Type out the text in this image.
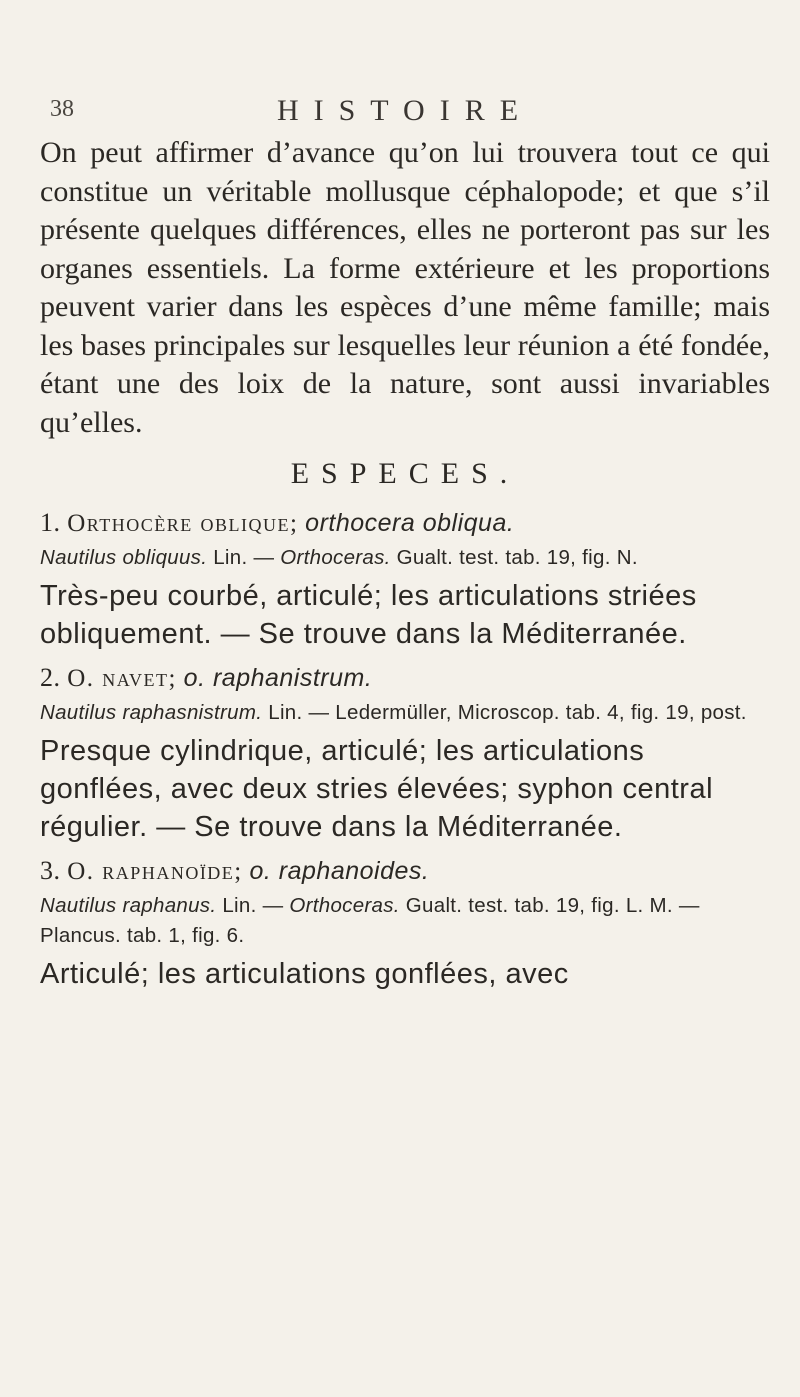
38	HISTOIRE

On peut affirmer d’avance qu’on lui trouvera tout ce qui constitue un véritable mollusque céphalopode; et que s’il présente quelques différences, elles ne porteront pas sur les organes essentiels. La forme extérieure et les proportions peuvent varier dans les espèces d’une même famille; mais les bases principales sur lesquelles leur réunion a été fondée, étant une des loix de la nature, sont aussi invariables qu’elles.

ESPECES.

1. Orthocère oblique; orthocera obliqua.

Nautilus obliquus. Lin. — Orthoceras. Gualt. test. tab. 19, fig. N.

Très-peu courbé, articulé; les articulations striées obliquement. — Se trouve dans la Méditerranée.

2. O. navet; o. raphanistrum.

Nautilus raphasnistrum. Lin. — Ledermüller, Microscop. tab. 4, fig. 19, post.

Presque cylindrique, articulé; les articulations gonflées, avec deux stries élevées; syphon central régulier. — Se trouve dans la Méditerranée.

3. O. raphanoïde; o. raphanoides.

Nautilus raphanus. Lin. — Orthoceras. Gualt. test. tab. 19, fig. L. M. — Plancus. tab. 1, fig. 6.

Articulé; les articulations gonflées, avec
